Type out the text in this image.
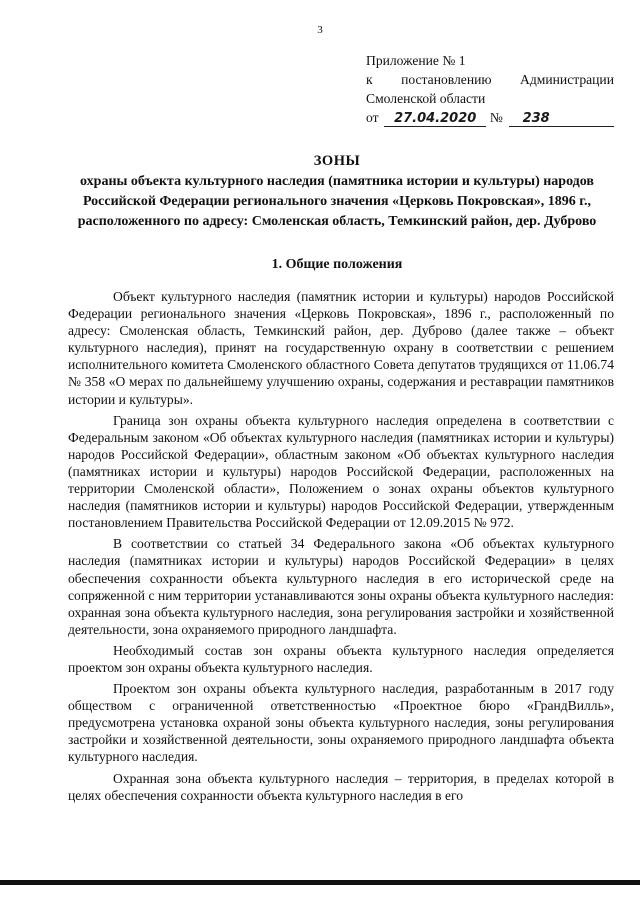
3
Приложение № 1
к постановлению Администрации
Смоленской области
от	27.04.2020	№	238
ЗОНЫ
охраны объекта культурного наследия (памятника истории и культуры) народов Российской Федерации регионального значения «Церковь Покровская», 1896 г., расположенного по адресу: Смоленская область, Темкинский район, дер. Дуброво
1. Общие положения

Объект культурного наследия (памятник истории и культуры) народов Российской Федерации регионального значения «Церковь Покровская», 1896 г., расположенный по адресу: Смоленская область, Темкинский район, дер. Дуброво (далее также – объект культурного наследия), принят на государственную охрану в соответствии с решением исполнительного комитета Смоленского областного Совета депутатов трудящихся от 11.06.74 № 358 «О мерах по дальнейшему улучшению охраны, содержания и реставрации памятников истории и культуры».

Граница зон охраны объекта культурного наследия определена в соответствии с Федеральным законом «Об объектах культурного наследия (памятниках истории и культуры) народов Российской Федерации», областным законом «Об объектах культурного наследия (памятниках истории и культуры) народов Российской Федерации, расположенных на территории Смоленской области», Положением о зонах охраны объектов культурного наследия (памятников истории и культуры) народов Российской Федерации, утвержденным постановлением Правительства Российской Федерации от 12.09.2015 № 972.

В соответствии со статьей 34 Федерального закона «Об объектах культурного наследия (памятниках истории и культуры) народов Российской Федерации» в целях обеспечения сохранности объекта культурного наследия в его исторической среде на сопряженной с ним территории устанавливаются зоны охраны объекта культурного наследия: охранная зона объекта культурного наследия, зона регулирования застройки и хозяйственной деятельности, зона охраняемого природного ландшафта.

Необходимый состав зон охраны объекта культурного наследия определяется проектом зон охраны объекта культурного наследия.

Проектом зон охраны объекта культурного наследия, разработанным в 2017 году обществом с ограниченной ответственностью «Проектное бюро «ГрандВилль», предусмотрена установка охраной зоны объекта культурного наследия, зоны регулирования застройки и хозяйственной деятельности, зоны охраняемого природного ландшафта объекта культурного наследия.

Охранная зона объекта культурного наследия – территория, в пределах которой в целях обеспечения сохранности объекта культурного наследия в его
